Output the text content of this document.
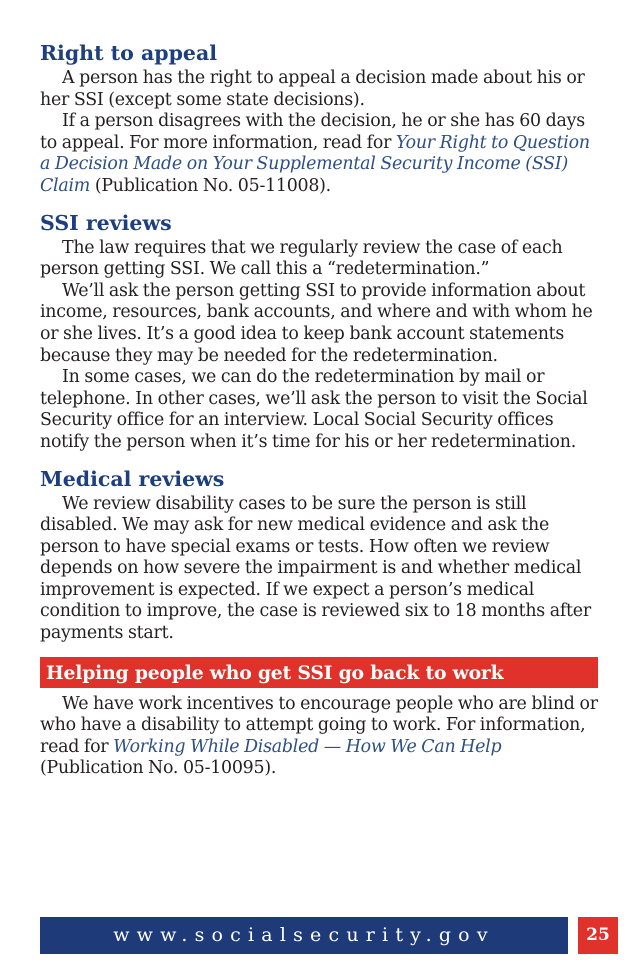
Right to appeal

A person has the right to appeal a decision made about his or her SSI (except some state decisions).

If a person disagrees with the decision, he or she has 60 days to appeal. For more information, read for Your Right to Question a Decision Made on Your Supplemental Security Income (SSI) Claim (Publication No. 05-11008).

SSI reviews

The law requires that we regularly review the case of each person getting SSI. We call this a “redetermination.”

We’ll ask the person getting SSI to provide information about income, resources, bank accounts, and where and with whom he or she lives. It’s a good idea to keep bank account statements because they may be needed for the redetermination.

In some cases, we can do the redetermination by mail or telephone. In other cases, we’ll ask the person to visit the Social Security office for an interview. Local Social Security offices notify the person when it’s time for his or her redetermination.

Medical reviews

We review disability cases to be sure the person is still disabled. We may ask for new medical evidence and ask the person to have special exams or tests. How often we review depends on how severe the impairment is and whether medical improvement is expected. If we expect a person’s medical condition to improve, the case is reviewed six to 18 months after payments start.

Helping people who get SSI go back to work

We have work incentives to encourage people who are blind or who have a disability to attempt going to work. For information, read for Working While Disabled — How We Can Help (Publication No. 05-10095).

www.socialsecurity.gov	25
